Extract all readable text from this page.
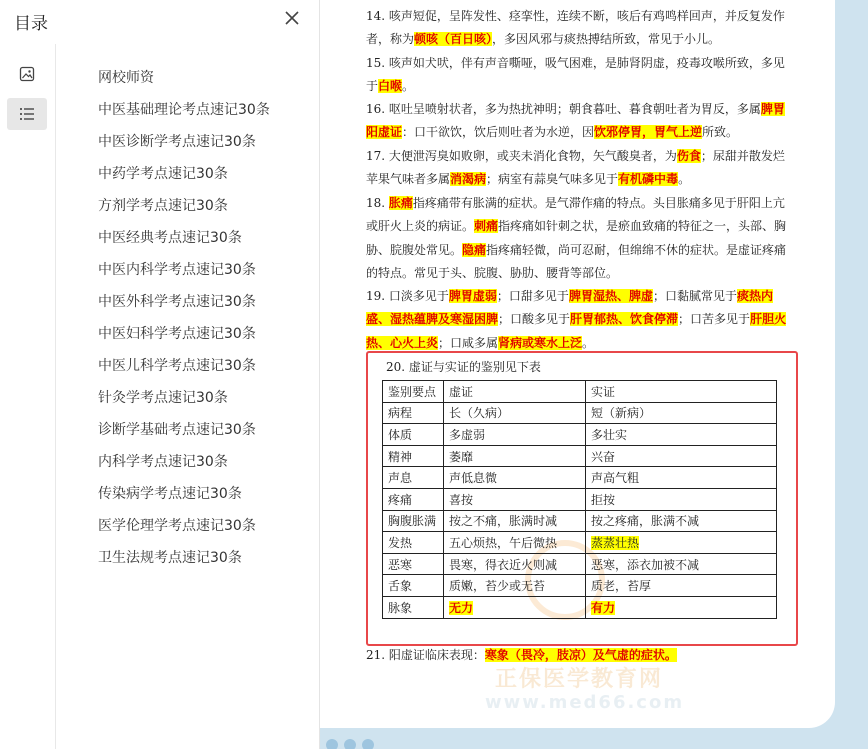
目录
网校师资
中医基础理论考点速记30条
中医诊断学考点速记30条
中药学考点速记30条
方剂学考点速记30条
中医经典考点速记30条
中医内科学考点速记30条
中医外科学考点速记30条
中医妇科学考点速记30条
中医儿科学考点速记30条
针灸学考点速记30条
诊断学基础考点速记30条
内科学考点速记30条
传染病学考点速记30条
医学伦理学考点速记30条
卫生法规考点速记30条
正保医学教育网
www.med66.com
14. 咳声短促，呈阵发性、痉挛性，连续不断，咳后有鸡鸣样回声，并反复发作者，称为顿咳（百日咳），多因风邪与痰热搏结所致，常见于小儿。
15. 咳声如犬吠，伴有声音嘶哑，吸气困难，是肺肾阴虚，疫毒攻喉所致，多见于白喉。
16. 呕吐呈喷射状者，多为热扰神明；朝食暮吐、暮食朝吐者为胃反，多属脾胃阳虚证：口干欲饮，饮后则吐者为水逆，因饮邪停胃，胃气上逆所致。
17. 大便泄泻臭如败卵，或夹未消化食物，矢气酸臭者，为伤食；尿甜并散发烂苹果气味者多属消渴病；病室有蒜臭气味多见于有机磷中毒。
18. 胀痛指疼痛带有胀满的症状。是气滞作痛的特点。头目胀痛多见于肝阳上亢或肝火上炎的病证。刺痛指疼痛如针刺之状，是瘀血致痛的特征之一，头部、胸胁、脘腹处常见。隐痛指疼痛轻微，尚可忍耐，但绵绵不休的症状。是虚证疼痛的特点。常见于头、脘腹、胁肋、腰背等部位。
19. 口淡多见于脾胃虚弱；口甜多见于脾胃湿热、脾虚；口黏腻常见于痰热内盛、湿热蕴脾及寒湿困脾；口酸多见于肝胃郁热、饮食停滞；口苦多见于肝胆火热、心火上炎；口咸多属肾病或寒水上泛。
20. 虚证与实证的鉴别见下表
鉴别要点	虚证	实证
病程	长（久病）	短（新病）
体质	多虚弱	多壮实
精神	萎靡	兴奋
声息	声低息微	声高气粗
疼痛	喜按	拒按
胸腹胀满	按之不痛，胀满时减	按之疼痛，胀满不减
发热	五心烦热，午后微热	蒸蒸壮热
恶寒	畏寒，得衣近火则减	恶寒，添衣加被不减
舌象	质嫩，苔少或无苔	质老，苔厚
脉象	无力	有力
21. 阳虚证临床表现：寒象（畏冷，肢凉）及气虚的症状。
